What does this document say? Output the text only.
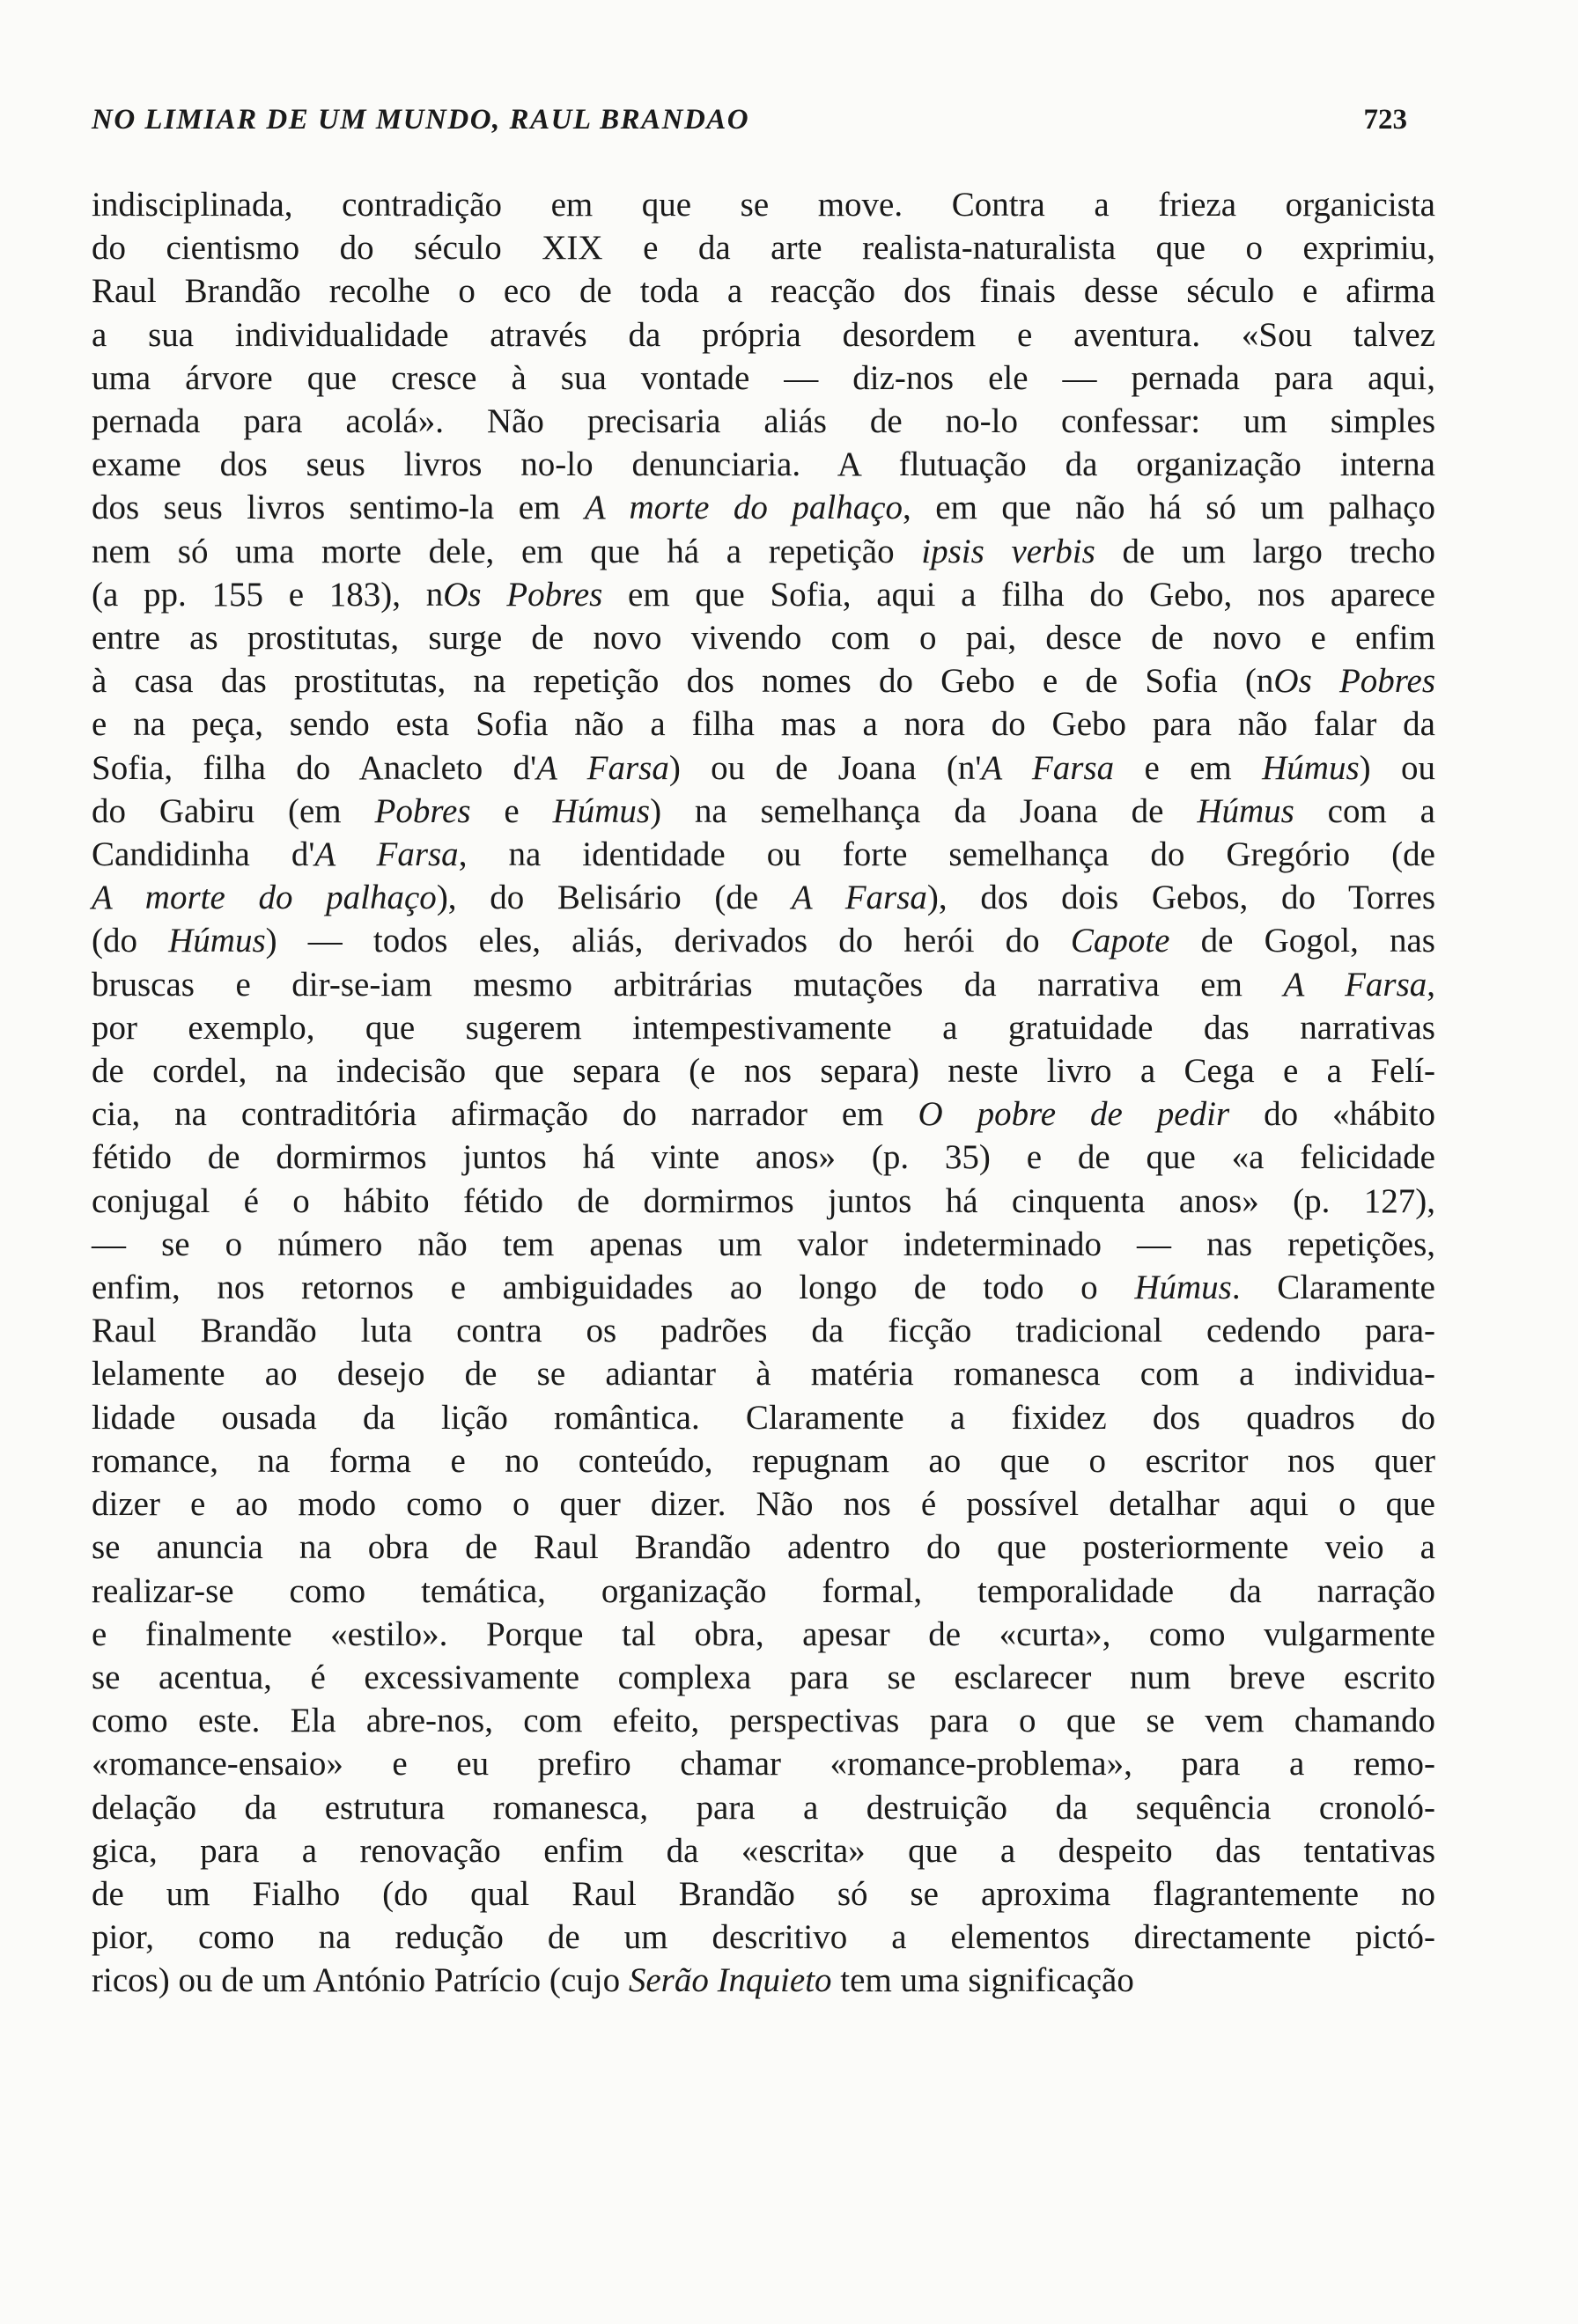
NO LIMIAR DE UM MUNDO, RAUL BRANDAO	723
indisciplinada, contradição em que se move. Contra a frieza organicista
do cientismo do século XIX e da arte realista-naturalista que o exprimiu,
Raul Brandão recolhe o eco de toda a reacção dos finais desse século e afirma
a sua individualidade através da própria desordem e aventura. «Sou talvez
uma árvore que cresce à sua vontade — diz-nos ele — pernada para aqui,
pernada para acolá». Não precisaria aliás de no-lo confessar: um simples
exame dos seus livros no-lo denunciaria. A flutuação da organização interna
dos seus livros sentimo-la em A morte do palhaço, em que não há só um palhaço
nem só uma morte dele, em que há a repetição ipsis verbis de um largo trecho
(a pp. 155 e 183), nOs Pobres em que Sofia, aqui a filha do Gebo, nos aparece
entre as prostitutas, surge de novo vivendo com o pai, desce de novo e enfim
à casa das prostitutas, na repetição dos nomes do Gebo e de Sofia (nOs Pobres
e na peça, sendo esta Sofia não a filha mas a nora do Gebo para não falar da
Sofia, filha do Anacleto d'A Farsa) ou de Joana (n'A Farsa e em Húmus) ou
do Gabiru (em Pobres e Húmus) na semelhança da Joana de Húmus com a
Candidinha d'A Farsa, na identidade ou forte semelhança do Gregório (de
A morte do palhaço), do Belisário (de A Farsa), dos dois Gebos, do Torres
(do Húmus) — todos eles, aliás, derivados do herói do Capote de Gogol, nas
bruscas e dir-se-iam mesmo arbitrárias mutações da narrativa em A Farsa,
por exemplo, que sugerem intempestivamente a gratuidade das narrativas
de cordel, na indecisão que separa (e nos separa) neste livro a Cega e a Felí-
cia, na contraditória afirmação do narrador em O pobre de pedir do «hábito
fétido de dormirmos juntos há vinte anos» (p. 35) e de que «a felicidade
conjugal é o hábito fétido de dormirmos juntos há cinquenta anos» (p. 127),
— se o número não tem apenas um valor indeterminado — nas repetições,
enfim, nos retornos e ambiguidades ao longo de todo o Húmus. Claramente
Raul Brandão luta contra os padrões da ficção tradicional cedendo para-
lelamente ao desejo de se adiantar à matéria romanesca com a individua-
lidade ousada da lição romântica. Claramente a fixidez dos quadros do
romance, na forma e no conteúdo, repugnam ao que o escritor nos quer
dizer e ao modo como o quer dizer. Não nos é possível detalhar aqui o que
se anuncia na obra de Raul Brandão adentro do que posteriormente veio a
realizar-se como temática, organização formal, temporalidade da narração
e finalmente «estilo». Porque tal obra, apesar de «curta», como vulgarmente
se acentua, é excessivamente complexa para se esclarecer num breve escrito
como este. Ela abre-nos, com efeito, perspectivas para o que se vem chamando
«romance-ensaio» e eu prefiro chamar «romance-problema», para a remo-
delação da estrutura romanesca, para a destruição da sequência cronoló-
gica, para a renovação enfim da «escrita» que a despeito das tentativas
de um Fialho (do qual Raul Brandão só se aproxima flagrantemente no
pior, como na redução de um descritivo a elementos directamente pictó-
ricos) ou de um António Patrício (cujo Serão Inquieto tem uma significação
